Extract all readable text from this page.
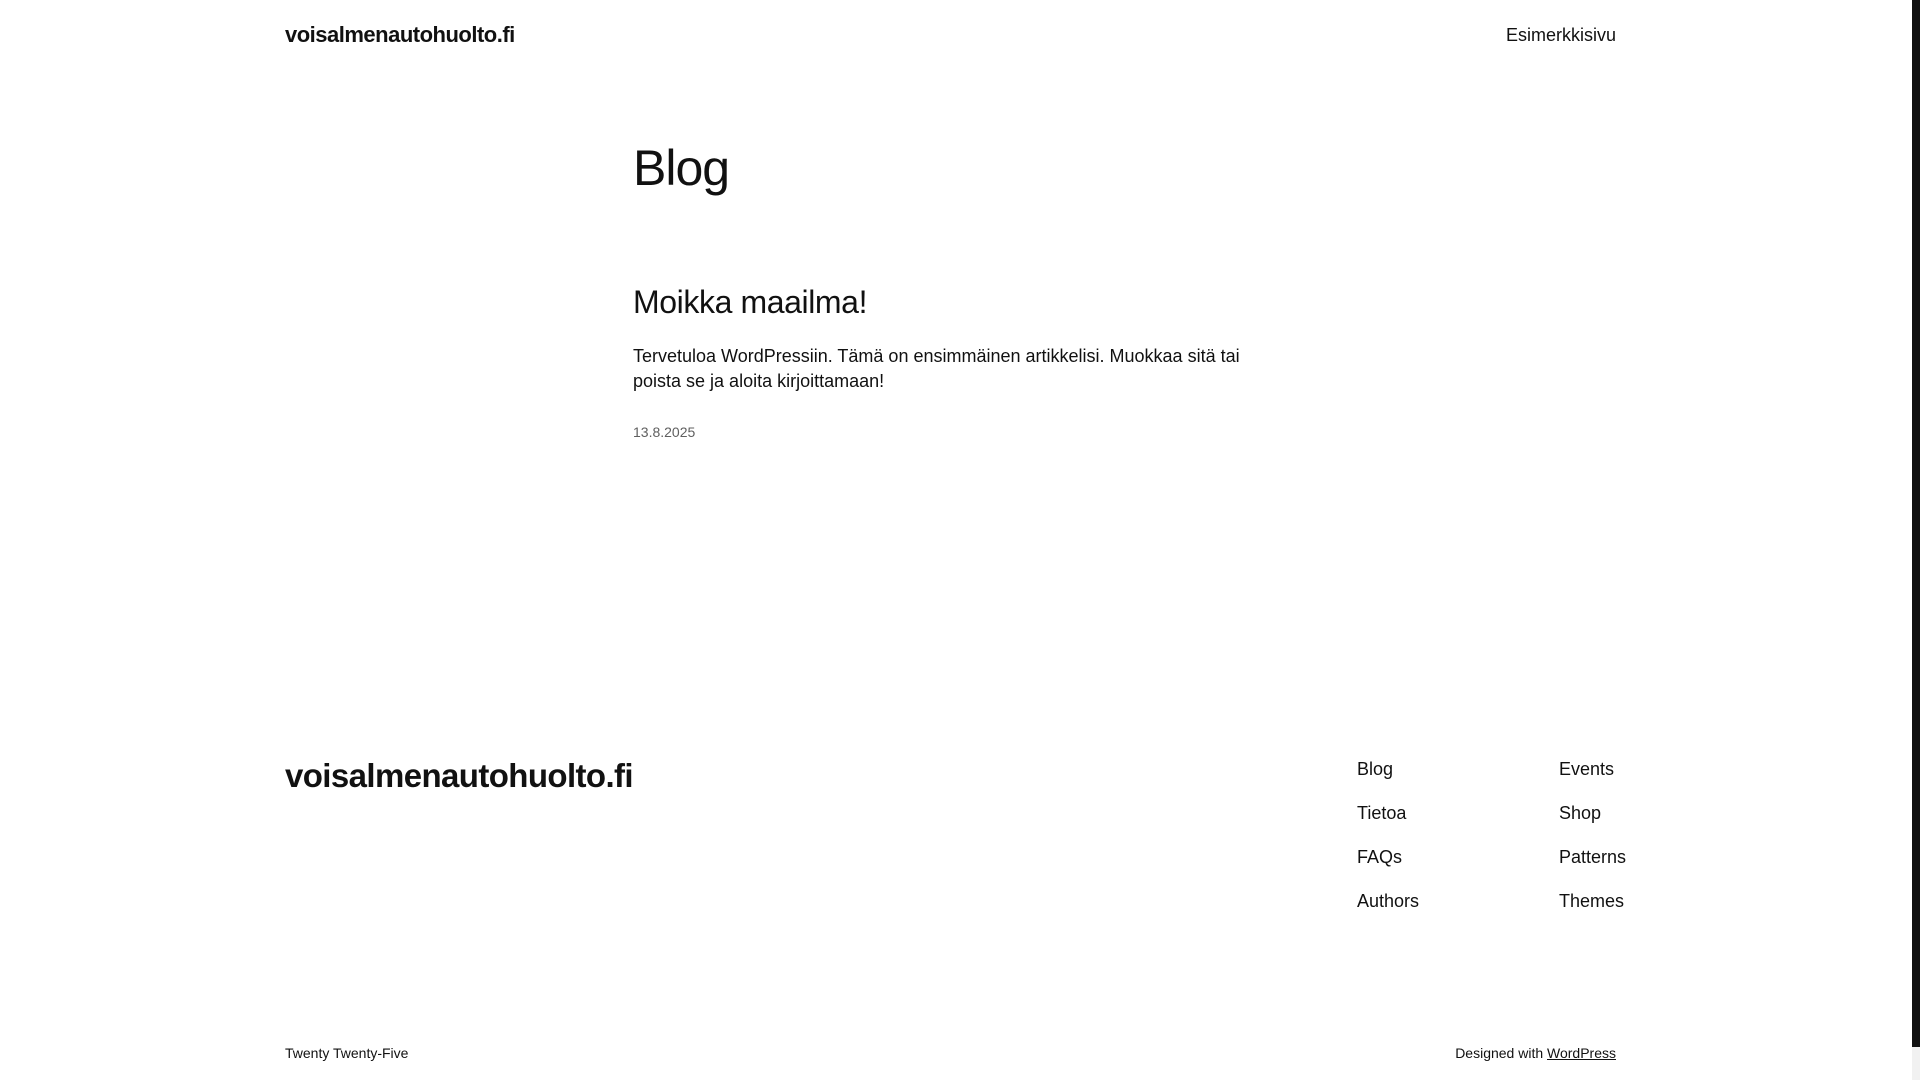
voisalmenautohuolto.fi	Esimerkkisivu
Blog
Moikka maailma!

Tervetuloa WordPressiin. Tämä on ensimmäinen artikkelisi. Muokkaa sitä tai poista se ja aloita kirjoittamaan!

13.8.2025
voisalmenautohuolto.fi	Blog
Tietoa
FAQs
Authors
Events
Shop
Patterns
Themes
Twenty Twenty-Five	Designed with WordPress
